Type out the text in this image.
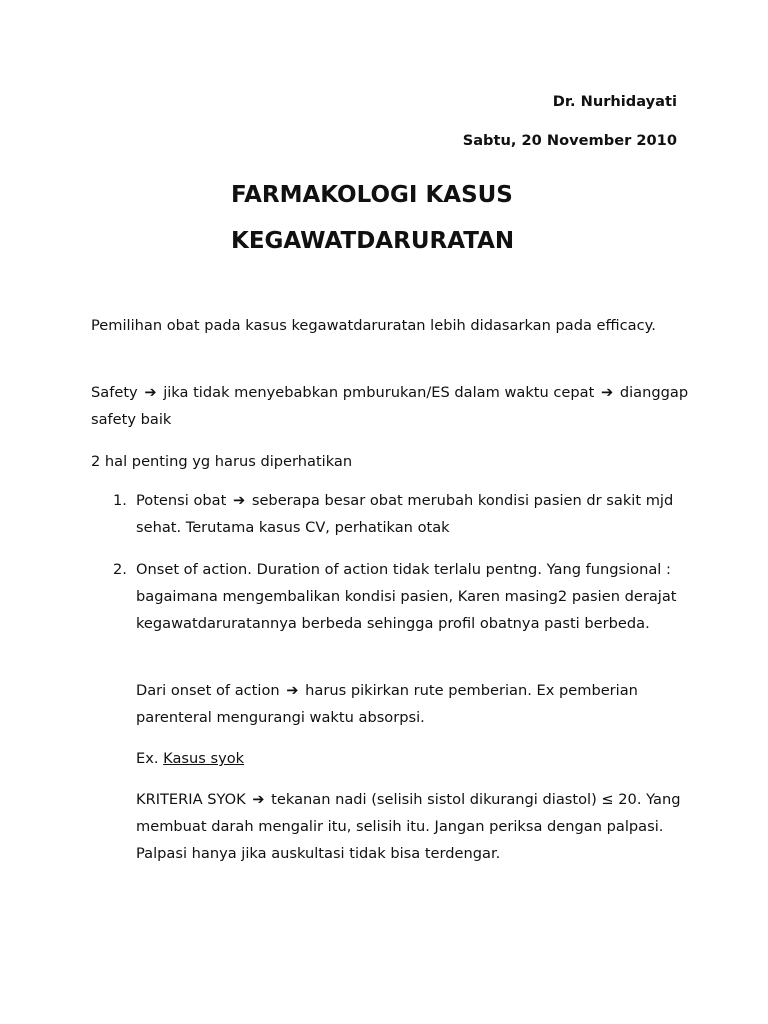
Dr. Nurhidayati
Sabtu, 20 November 2010
FARMAKOLOGI KASUS
KEGAWATDARURATAN
Pemilihan obat pada kasus kegawatdaruratan lebih didasarkan pada efficacy.
Safety ➔ jika tidak menyebabkan pmburukan/ES dalam waktu cepat ➔ dianggap safety baik
2 hal penting yg harus diperhatikan
1. Potensi obat ➔ seberapa besar obat merubah kondisi pasien dr sakit mjd sehat. Terutama kasus CV, perhatikan otak
2. Onset of action. Duration of action tidak terlalu pentng. Yang fungsional : bagaimana mengembalikan kondisi pasien, Karen masing2 pasien derajat kegawatdaruratannya berbeda sehingga profil obatnya pasti berbeda.
Dari onset of action ➔ harus pikirkan rute pemberian. Ex pemberian parenteral mengurangi waktu absorpsi.
Ex. Kasus syok
KRITERIA SYOK ➔ tekanan nadi (selisih sistol dikurangi diastol) ≤ 20. Yang membuat darah mengalir itu, selisih itu. Jangan periksa dengan palpasi. Palpasi hanya jika auskultasi tidak bisa terdengar.
